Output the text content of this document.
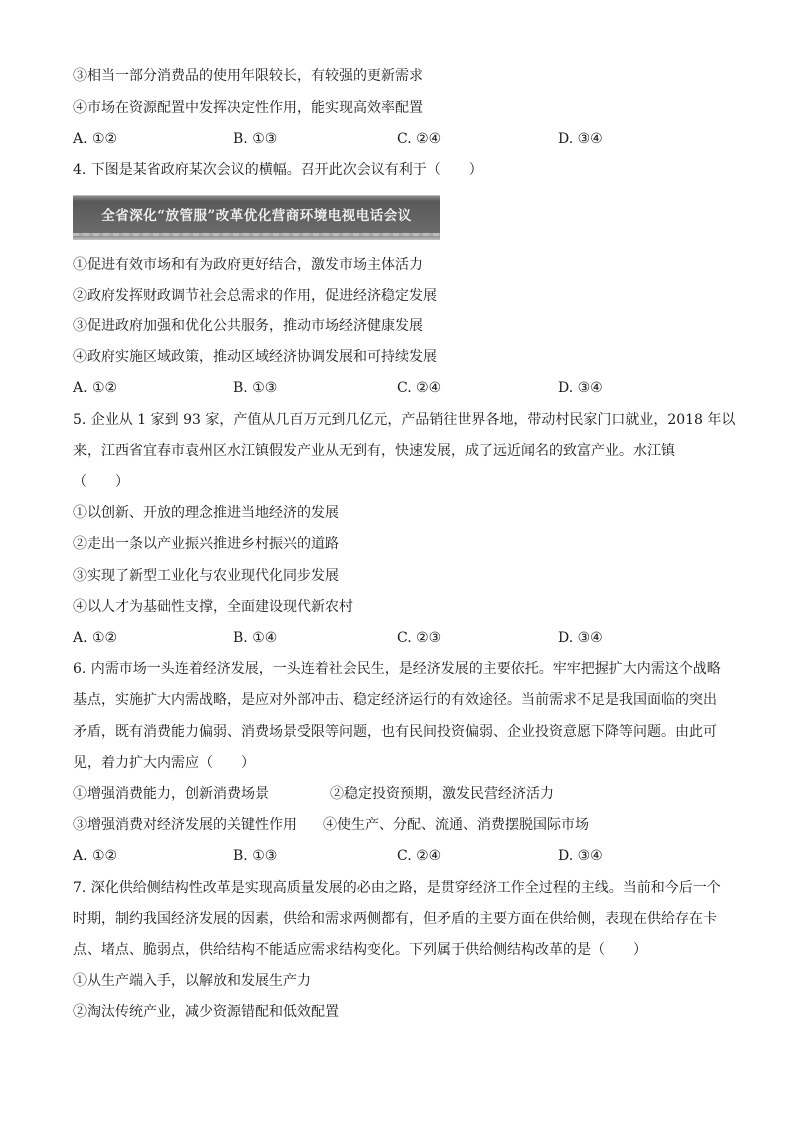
③相当一部分消费品的使用年限较长，有较强的更新需求
④市场在资源配置中发挥决定性作用，能实现高效率配置
A. ①②	B. ①③	C. ②④	D. ③④
4. 下图是某省政府某次会议的横幅。召开此次会议有利于（　　）
全省深化“放管服”改革优化营商环境电视电话会议
①促进有效市场和有为政府更好结合，激发市场主体活力
②政府发挥财政调节社会总需求的作用，促进经济稳定发展
③促进政府加强和优化公共服务，推动市场经济健康发展
④政府实施区域政策，推动区域经济协调发展和可持续发展
A. ①②	B. ①③	C. ②④	D. ③④
5. 企业从 1 家到 93 家，产值从几百万元到几亿元，产品销往世界各地，带动村民家门口就业，2018 年以
来，江西省宜春市袁州区水江镇假发产业从无到有，快速发展，成了远近闻名的致富产业。水江镇
（　　）
①以创新、开放的理念推进当地经济的发展
②走出一条以产业振兴推进乡村振兴的道路
③实现了新型工业化与农业现代化同步发展
④以人才为基础性支撑，全面建设现代新农村
A. ①②	B. ①④	C. ②③	D. ③④
6. 内需市场一头连着经济发展，一头连着社会民生，是经济发展的主要依托。牢牢把握扩大内需这个战略
基点，实施扩大内需战略，是应对外部冲击、稳定经济运行的有效途径。当前需求不足是我国面临的突出
矛盾，既有消费能力偏弱、消费场景受限等问题，也有民间投资偏弱、企业投资意愿下降等问题。由此可
见，着力扩大内需应（　　）
①增强消费能力，创新消费场景	②稳定投资预期，激发民营经济活力
③增强消费对经济发展的关键性作用 ④使生产、分配、流通、消费摆脱国际市场
A. ①②	B. ①③	C. ②④	D. ③④
7. 深化供给侧结构性改革是实现高质量发展的必由之路，是贯穿经济工作全过程的主线。当前和今后一个
时期，制约我国经济发展的因素，供给和需求两侧都有，但矛盾的主要方面在供给侧，表现在供给存在卡
点、堵点、脆弱点，供给结构不能适应需求结构变化。下列属于供给侧结构改革的是（　　）
①从生产端入手，以解放和发展生产力
②淘汰传统产业，减少资源错配和低效配置
